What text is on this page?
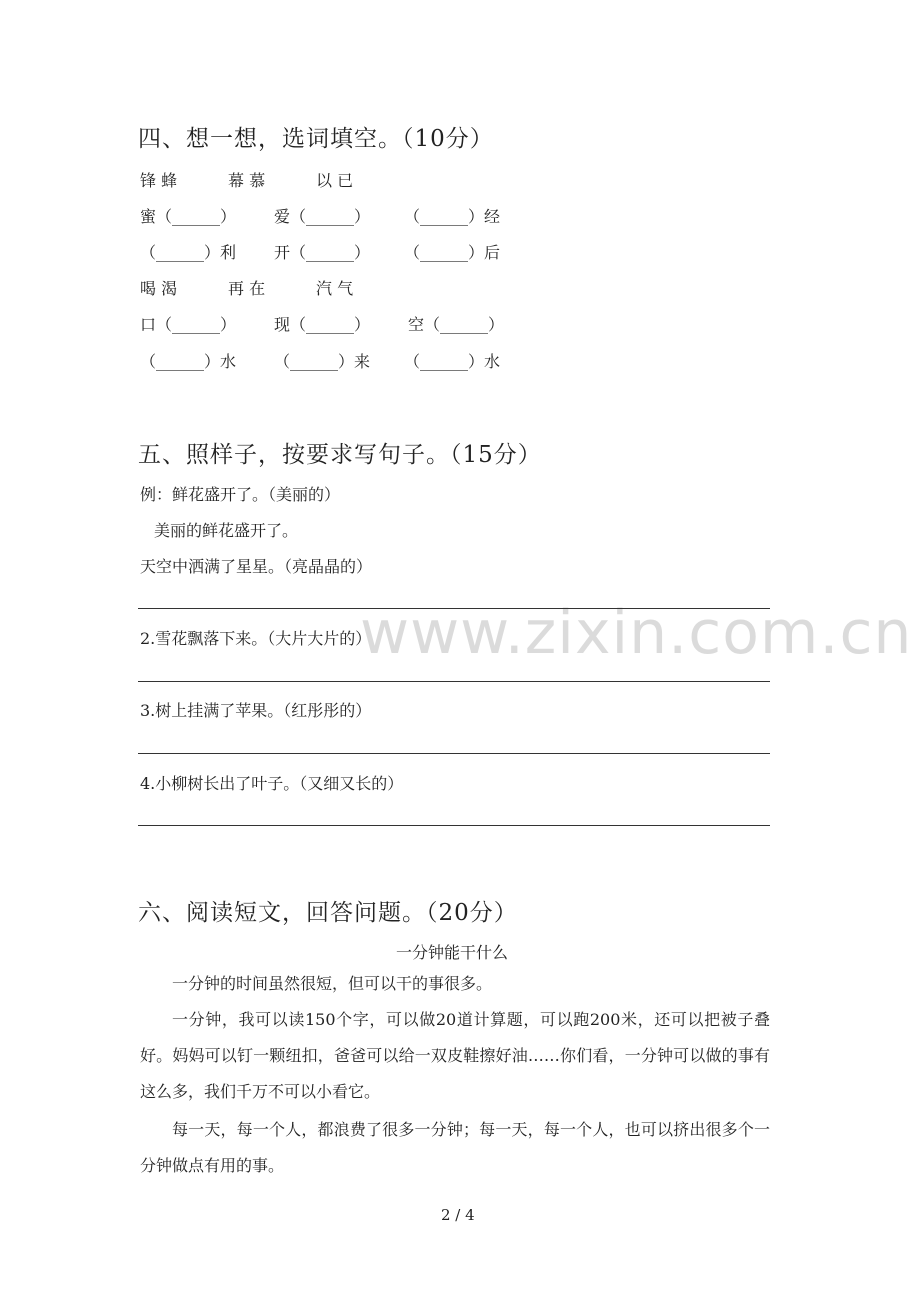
www.zixin.com.cn
四、想一想，选词填空。（10分）
锋 蜂	幕 慕	以 已
蜜（______） 爱（______） （______）经
（______）利 开（______） （______）后
喝 渴	再 在	汽 气
口（______） 现（______） 空（______）
（______）水 （______）来 （______）水
五、照样子，按要求写句子。（15分）
例：鲜花盛开了。（美丽的）
美丽的鲜花盛开了。
天空中洒满了星星。（亮晶晶的）
2.雪花飘落下来。（大片大片的）
3.树上挂满了苹果。（红彤彤的）
4.小柳树长出了叶子。（又细又长的）
六、阅读短文，回答问题。（20分）
一分钟能干什么
一分钟的时间虽然很短，但可以干的事很多。
一分钟，我可以读150个字，可以做20道计算题，可以跑200米，还可以把被子叠好。妈妈可以钉一颗纽扣，爸爸可以给一双皮鞋擦好油……你们看，一分钟可以做的事有这么多，我们千万不可以小看它。
每一天，每一个人，都浪费了很多一分钟；每一天，每一个人，也可以挤出很多个一分钟做点有用的事。
2 / 4
